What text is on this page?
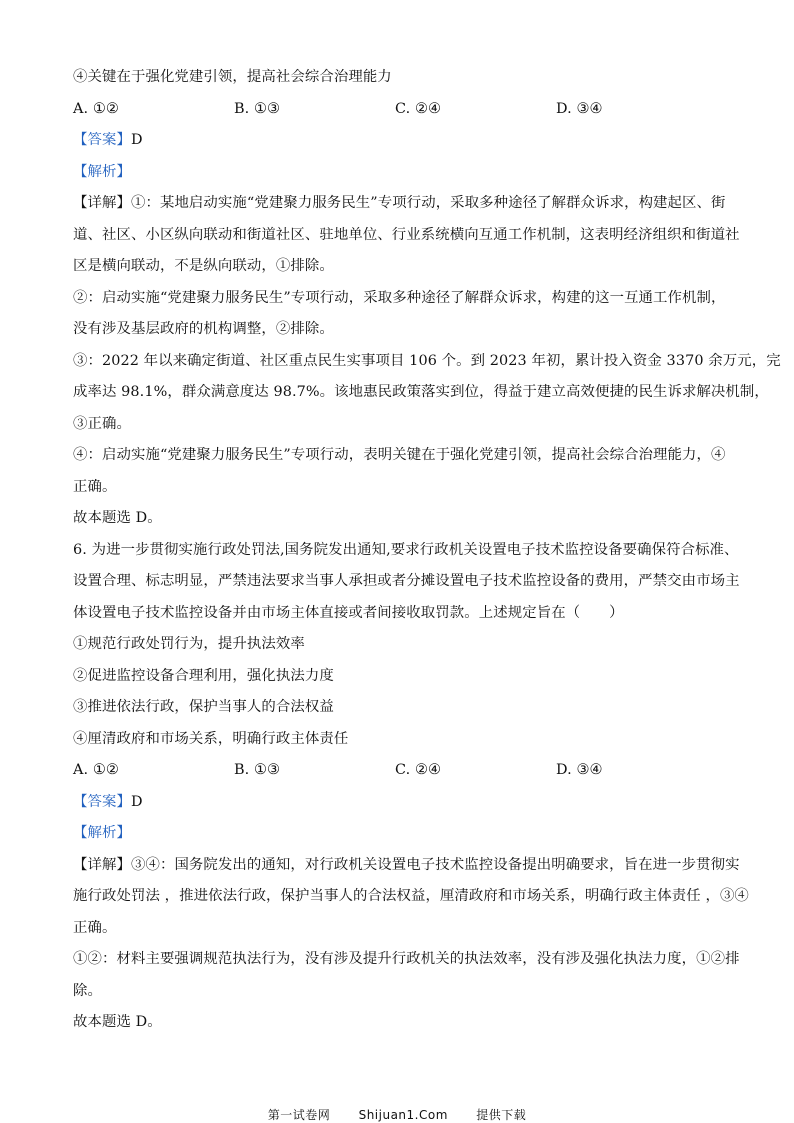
④关键在于强化党建引领，提高社会综合治理能力
A. ①②	B. ①③	C. ②④	D. ③④
【答案】D
【解析】
【详解】①：某地启动实施“党建聚力服务民生”专项行动，采取多种途径了解群众诉求，构建起区、街
道、社区、小区纵向联动和街道社区、驻地单位、行业系统横向互通工作机制，这表明经济组织和街道社
区是横向联动，不是纵向联动，①排除。
②：启动实施“党建聚力服务民生”专项行动，采取多种途径了解群众诉求，构建的这一互通工作机制，
没有涉及基层政府的机构调整，②排除。
③：2022 年以来确定街道、社区重点民生实事项目 106 个。到 2023 年初，累计投入资金 3370 余万元，完
成率达 98.1%，群众满意度达 98.7%。该地惠民政策落实到位，得益于建立高效便捷的民生诉求解决机制，
③正确。
④：启动实施“党建聚力服务民生”专项行动，表明关键在于强化党建引领，提高社会综合治理能力，④
正确。
故本题选 D。
6. 为进一步贯彻实施行政处罚法,国务院发出通知,要求行政机关设置电子技术监控设备要确保符合标准、
设置合理、标志明显，严禁违法要求当事人承担或者分摊设置电子技术监控设备的费用，严禁交由市场主
体设置电子技术监控设备并由市场主体直接或者间接收取罚款。上述规定旨在（　　）
①规范行政处罚行为，提升执法效率
②促进监控设备合理利用，强化执法力度
③推进依法行政，保护当事人的合法权益
④厘清政府和市场关系，明确行政主体责任
A. ①②	B. ①③	C. ②④	D. ③④
【答案】D
【解析】
【详解】③④：国务院发出的通知，对行政机关设置电子技术监控设备提出明确要求，旨在进一步贯彻实
施行政处罚法 ，推进依法行政，保护当事人的合法权益，厘清政府和市场关系，明确行政主体责任 ，③④
正确。
①②：材料主要强调规范执法行为，没有涉及提升行政机关的执法效率，没有涉及强化执法力度，①②排
除。
故本题选 D。
第一试卷网 Shijuan1.Com 提供下载
